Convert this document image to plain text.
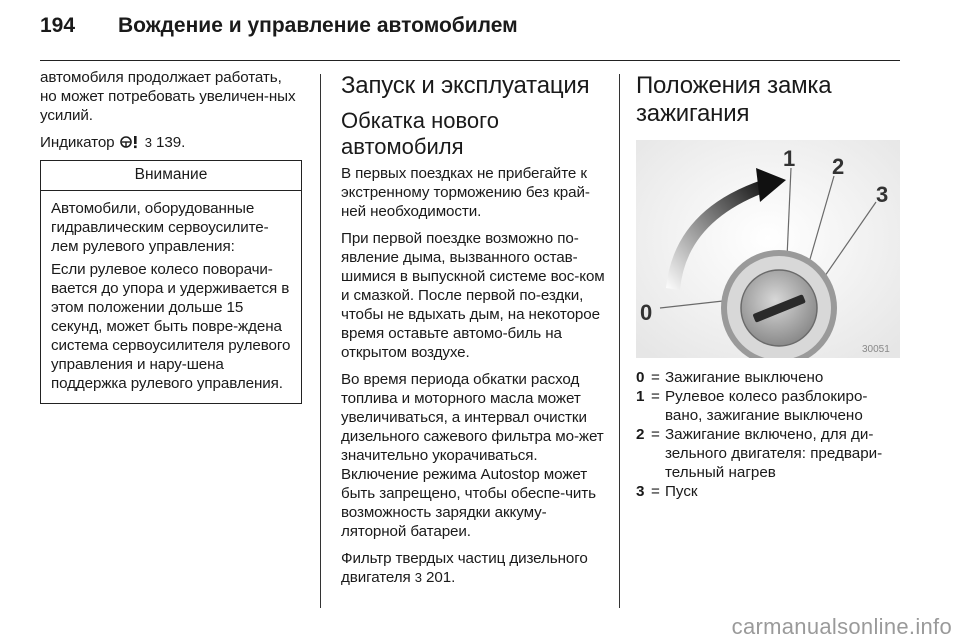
194 Вождение и управление автомобилем

автомобиля продолжает работать, но может потребовать увеличен-ных усилий.

Индикатор 3 139.

Внимание

Автомобили, оборудованные гидравлическим сервоусилите-лем рулевого управления:

Если рулевое колесо поворачи-вается до упора и удерживается в этом положении дольше 15 секунд, может быть повре-ждена система сервоусилителя рулевого управления и нару-шена поддержка рулевого управления.

Запуск и эксплуатация
Обкатка нового автомобиля

В первых поездках не прибегайте к экстренному торможению без край-ней необходимости.

При первой поездке возможно по-явление дыма, вызванного остав-шимися в выпускной системе вос-ком и смазкой. После первой по-ездки, чтобы не вдыхать дым, на некоторое время оставьте автомо-биль на открытом воздухе.

Во время периода обкатки расход топлива и моторного масла может увеличиваться, а интервал очистки дизельного сажевого фильтра мо-жет значительно укорачиваться. Включение режима Autostop может быть запрещено, чтобы обеспе-чить возможность зарядки аккуму-ляторной батареи.

Фильтр твердых частиц дизельного двигателя 3 201.

Положения замка зажигания
1 2
3
0
30051
0 = Зажигание выключено
1 = Рулевое колесо разблокиро-вано, зажигание выключено
2 = Зажигание включено, для ди-зельного двигателя: предвари-тельный нагрев
3 = Пуск
carmanualsonline.info
